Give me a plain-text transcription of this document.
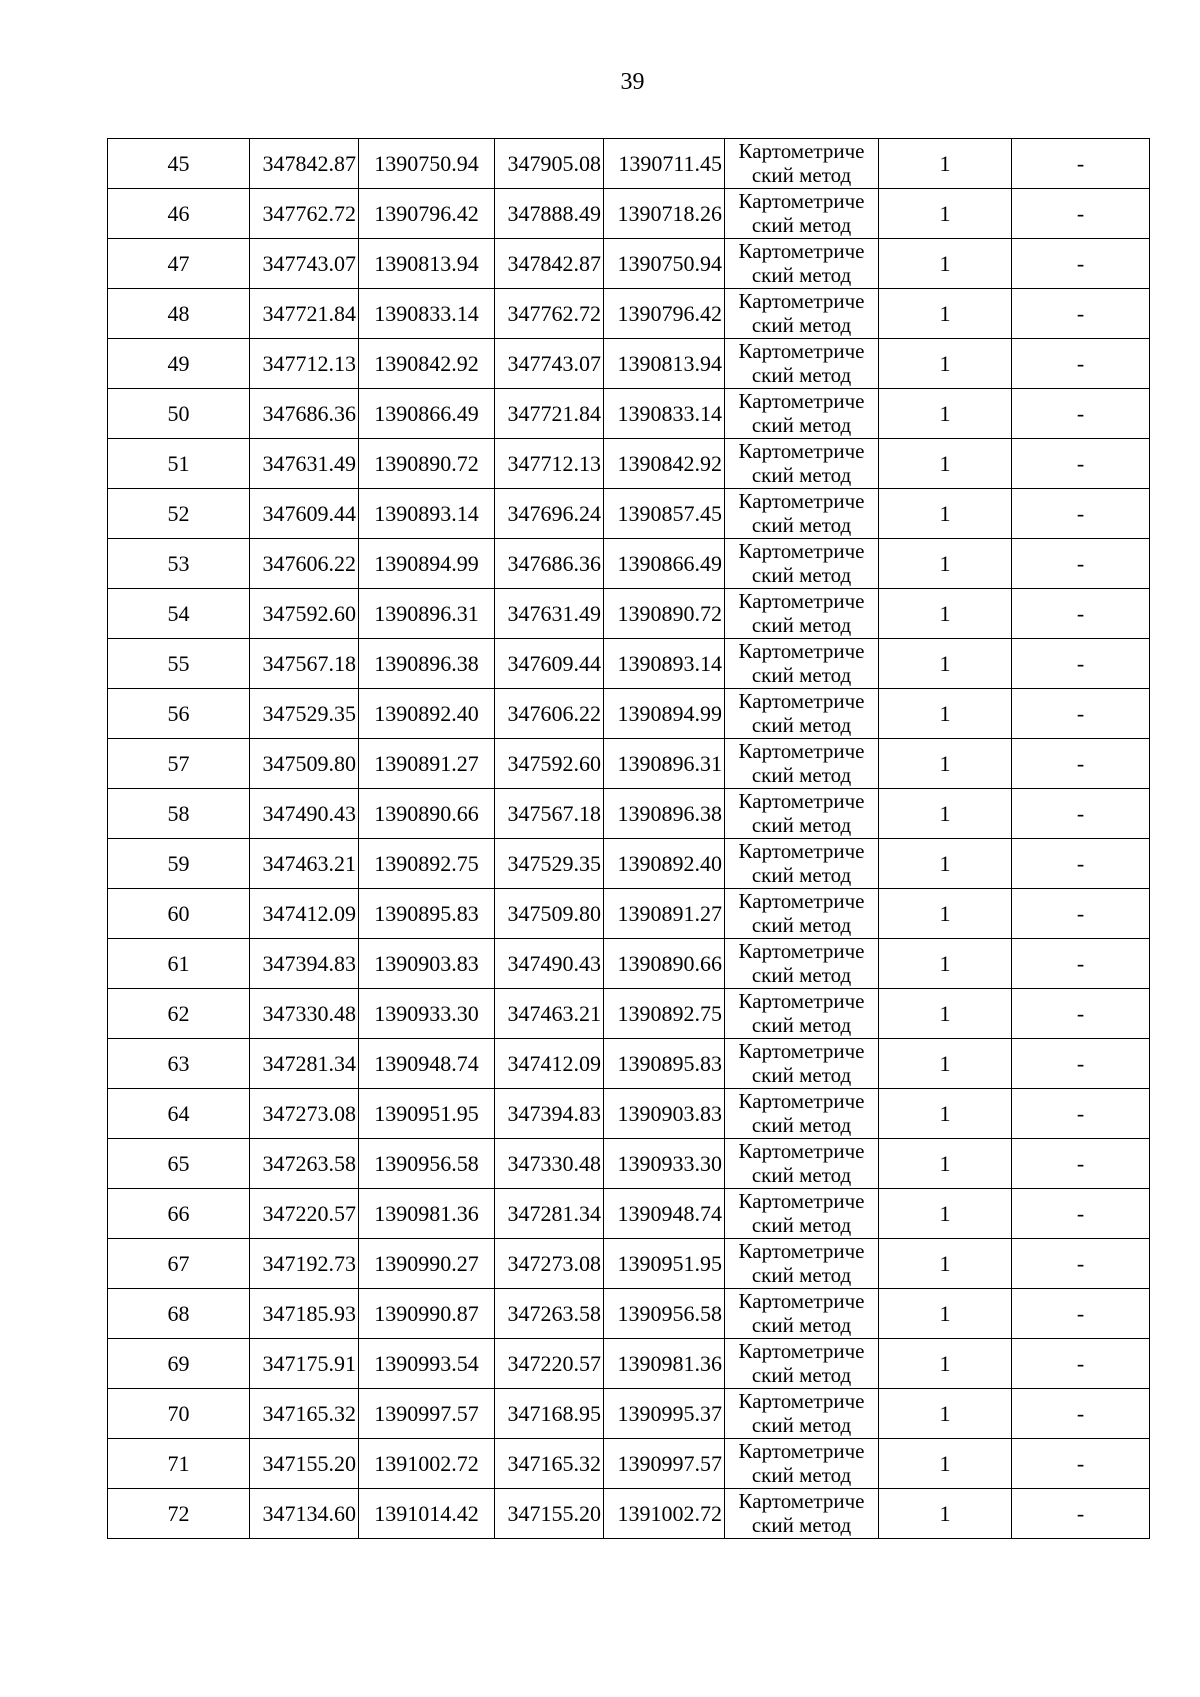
39
45	347842.87	1390750.94	347905.08	1390711.45	Картометриче
ский метод	1	-
46	347762.72	1390796.42	347888.49	1390718.26	Картометриче
ский метод	1	-
47	347743.07	1390813.94	347842.87	1390750.94	Картометриче
ский метод	1	-
48	347721.84	1390833.14	347762.72	1390796.42	Картометриче
ский метод	1	-
49	347712.13	1390842.92	347743.07	1390813.94	Картометриче
ский метод	1	-
50	347686.36	1390866.49	347721.84	1390833.14	Картометриче
ский метод	1	-
51	347631.49	1390890.72	347712.13	1390842.92	Картометриче
ский метод	1	-
52	347609.44	1390893.14	347696.24	1390857.45	Картометриче
ский метод	1	-
53	347606.22	1390894.99	347686.36	1390866.49	Картометриче
ский метод	1	-
54	347592.60	1390896.31	347631.49	1390890.72	Картометриче
ский метод	1	-
55	347567.18	1390896.38	347609.44	1390893.14	Картометриче
ский метод	1	-
56	347529.35	1390892.40	347606.22	1390894.99	Картометриче
ский метод	1	-
57	347509.80	1390891.27	347592.60	1390896.31	Картометриче
ский метод	1	-
58	347490.43	1390890.66	347567.18	1390896.38	Картометриче
ский метод	1	-
59	347463.21	1390892.75	347529.35	1390892.40	Картометриче
ский метод	1	-
60	347412.09	1390895.83	347509.80	1390891.27	Картометриче
ский метод	1	-
61	347394.83	1390903.83	347490.43	1390890.66	Картометриче
ский метод	1	-
62	347330.48	1390933.30	347463.21	1390892.75	Картометриче
ский метод	1	-
63	347281.34	1390948.74	347412.09	1390895.83	Картометриче
ский метод	1	-
64	347273.08	1390951.95	347394.83	1390903.83	Картометриче
ский метод	1	-
65	347263.58	1390956.58	347330.48	1390933.30	Картометриче
ский метод	1	-
66	347220.57	1390981.36	347281.34	1390948.74	Картометриче
ский метод	1	-
67	347192.73	1390990.27	347273.08	1390951.95	Картометриче
ский метод	1	-
68	347185.93	1390990.87	347263.58	1390956.58	Картометриче
ский метод	1	-
69	347175.91	1390993.54	347220.57	1390981.36	Картометриче
ский метод	1	-
70	347165.32	1390997.57	347168.95	1390995.37	Картометриче
ский метод	1	-
71	347155.20	1391002.72	347165.32	1390997.57	Картометриче
ский метод	1	-
72	347134.60	1391014.42	347155.20	1391002.72	Картометриче
ский метод	1	-
